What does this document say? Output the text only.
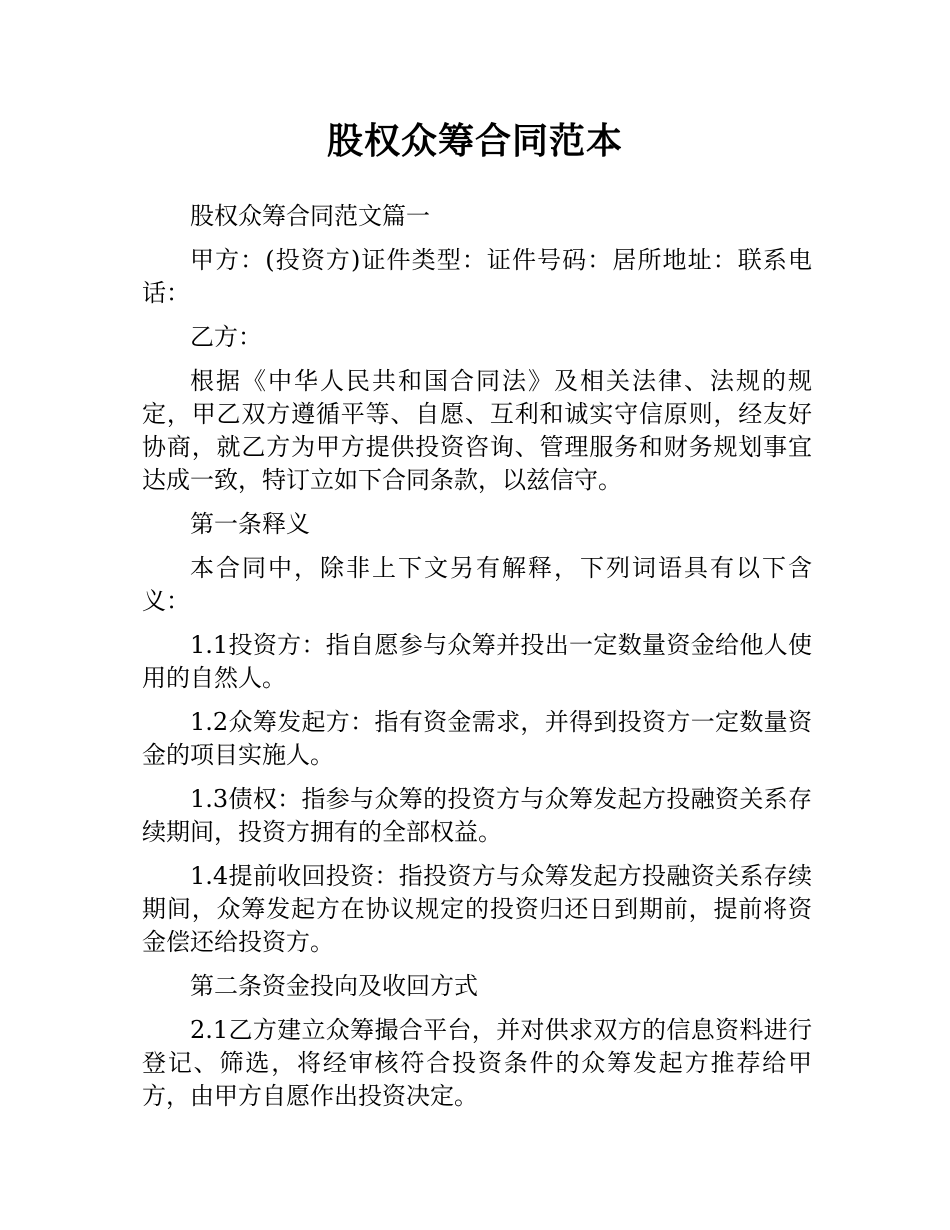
股权众筹合同范本

股权众筹合同范文篇一

甲方：(投资方)证件类型：证件号码：居所地址：联系电话：

乙方：

根据《中华人民共和国合同法》及相关法律、法规的规定，甲乙双方遵循平等、自愿、互利和诚实守信原则，经友好协商，就乙方为甲方提供投资咨询、管理服务和财务规划事宜达成一致，特订立如下合同条款，以兹信守。

第一条释义

本合同中，除非上下文另有解释，下列词语具有以下含义：

1.1投资方：指自愿参与众筹并投出一定数量资金给他人使用的自然人。

1.2众筹发起方：指有资金需求，并得到投资方一定数量资金的项目实施人。

1.3债权：指参与众筹的投资方与众筹发起方投融资关系存续期间，投资方拥有的全部权益。

1.4提前收回投资：指投资方与众筹发起方投融资关系存续期间，众筹发起方在协议规定的投资归还日到期前，提前将资金偿还给投资方。

第二条资金投向及收回方式

2.1乙方建立众筹撮合平台，并对供求双方的信息资料进行登记、筛选，将经审核符合投资条件的众筹发起方推荐给甲方，由甲方自愿作出投资决定。
